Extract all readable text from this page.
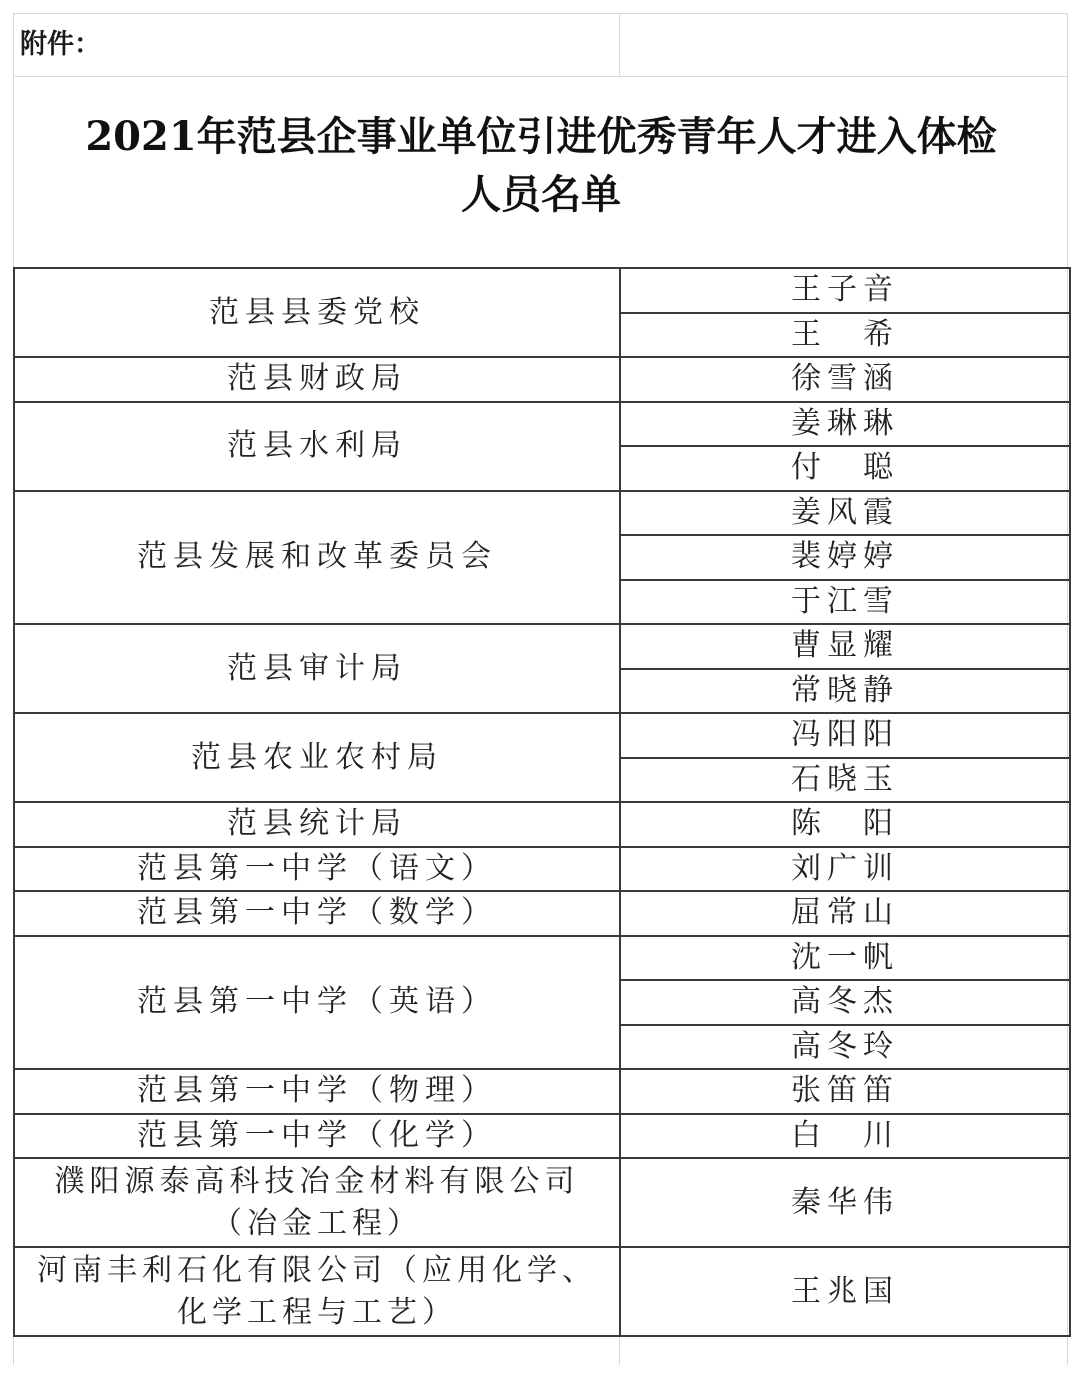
附件：
2021年范县企事业单位引进优秀青年人才进入体检
人员名单
范县县委党校	王子音
	王　希
范县财政局	徐雪涵
范县水利局	姜琳琳
	付　聪
范县发展和改革委员会	姜风霞
	裴婷婷
	于江雪
范县审计局	曹显耀
	常晓静
范县农业农村局	冯阳阳
	石晓玉
范县统计局	陈　阳
范县第一中学（语文）	刘广训
范县第一中学（数学）	屈常山
范县第一中学（英语）	沈一帆
	高冬杰
	高冬玲
范县第一中学（物理）	张笛笛
范县第一中学（化学）	白　川
濮阳源泰高科技冶金材料有限公司（冶金工程）	秦华伟
河南丰利石化有限公司（应用化学、化学工程与工艺）	王兆国
